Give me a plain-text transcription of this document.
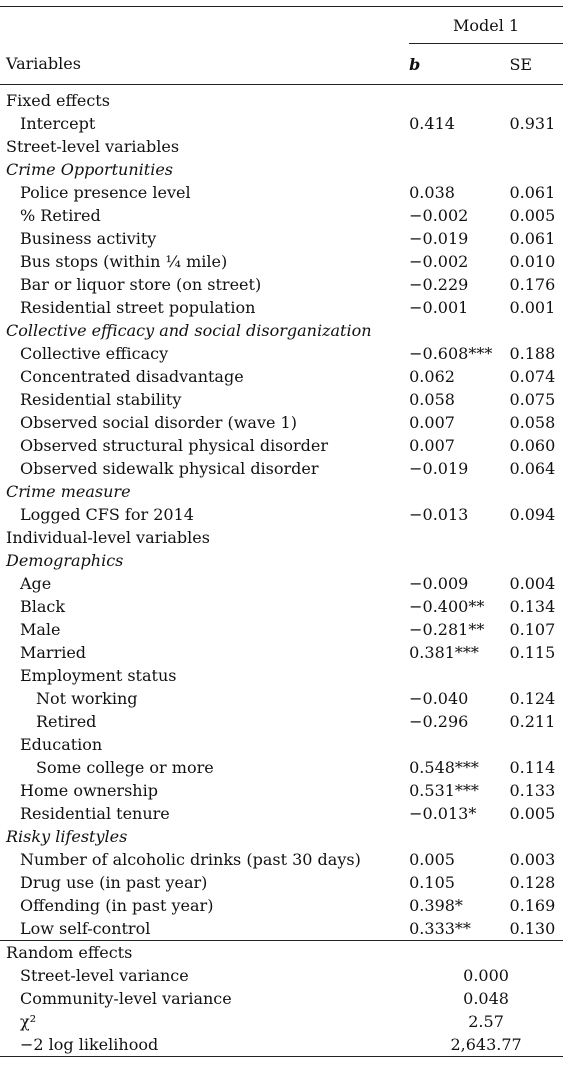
	Model 1	
Variables	b	SE

Fixed effects		
Intercept	0.414	0.931
Street-level variables		
Crime Opportunities		
Police presence level	0.038	0.061
% Retired	−0.002	0.005
Business activity	−0.019	0.061
Bus stops (within ¼ mile)	−0.002	0.010
Bar or liquor store (on street)	−0.229	0.176
Residential street population	−0.001	0.001
Collective efficacy and social disorganization		
Collective efficacy	−0.608***	0.188
Concentrated disadvantage	0.062	0.074
Residential stability	0.058	0.075
Observed social disorder (wave 1)	0.007	0.058
Observed structural physical disorder	0.007	0.060
Observed sidewalk physical disorder	−0.019	0.064
Crime measure		
Logged CFS for 2014	−0.013	0.094
Individual-level variables		
Demographics		
Age	−0.009	0.004
Black	−0.400**	0.134
Male	−0.281**	0.107
Married	0.381***	0.115
Employment status		
Not working	−0.040	0.124
Retired	−0.296	0.211
Education		
Some college or more	0.548***	0.114
Home ownership	0.531***	0.133
Residential tenure	−0.013*	0.005
Risky lifestyles		
Number of alcoholic drinks (past 30 days)	0.005	0.003
Drug use (in past year)	0.105	0.128
Offending (in past year)	0.398*	0.169
Low self-control	0.333**	0.130
Random effects		
Street-level variance	0.000	
Community-level variance	0.048	
χ²	2.57	
−2 log likelihood	2,643.77	
